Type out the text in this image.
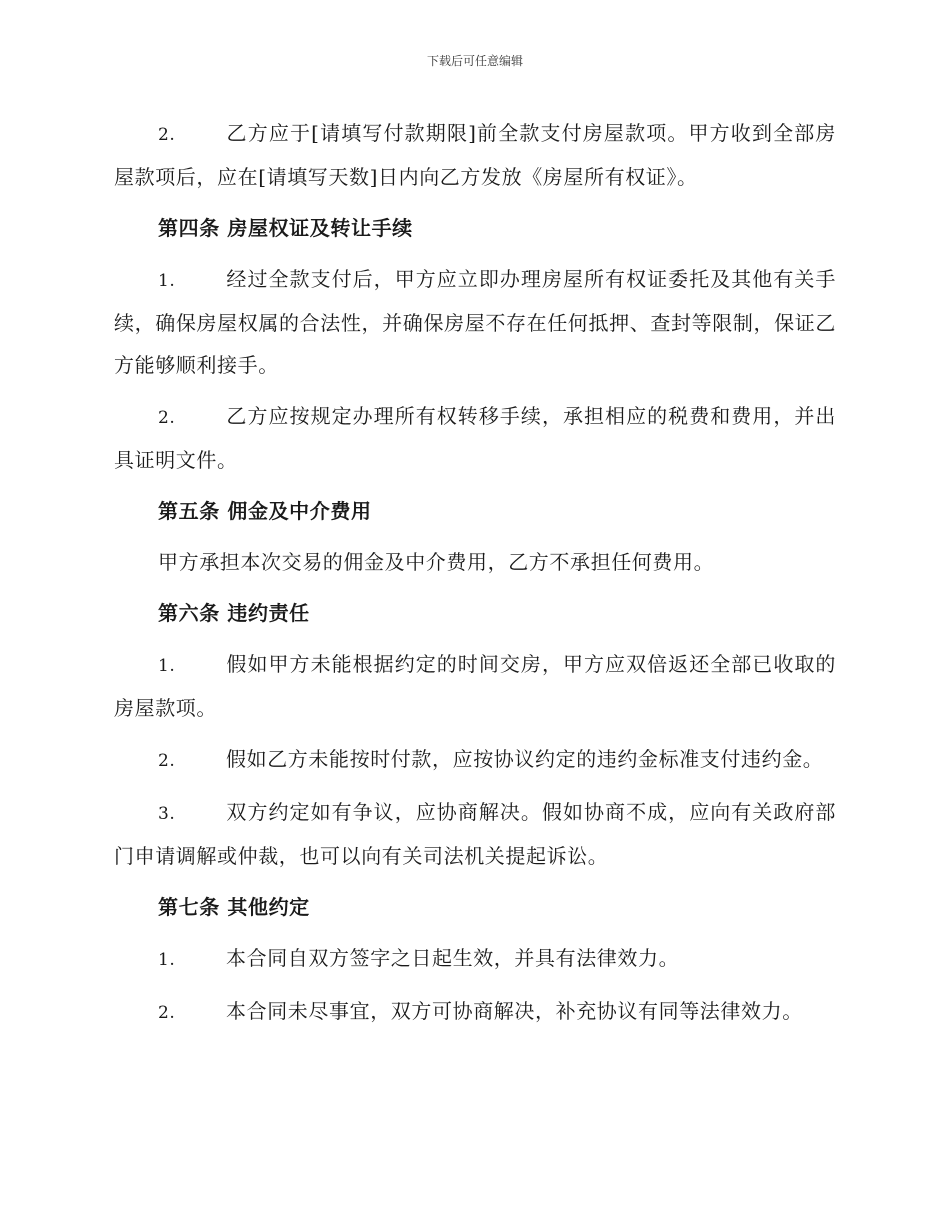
下载后可任意编辑

2.	乙方应于[请填写付款期限]前全款支付房屋款项。甲方收到全部房屋款项后，应在[请填写天数]日内向乙方发放《房屋所有权证》。

第四条 房屋权证及转让手续

1.	经过全款支付后，甲方应立即办理房屋所有权证委托及其他有关手续，确保房屋权属的合法性，并确保房屋不存在任何抵押、查封等限制，保证乙方能够顺利接手。

2.	乙方应按规定办理所有权转移手续，承担相应的税费和费用，并出具证明文件。

第五条 佣金及中介费用

甲方承担本次交易的佣金及中介费用，乙方不承担任何费用。

第六条 违约责任

1.	假如甲方未能根据约定的时间交房，甲方应双倍返还全部已收取的房屋款项。

2.	假如乙方未能按时付款，应按协议约定的违约金标准支付违约金。

3.	双方约定如有争议，应协商解决。假如协商不成，应向有关政府部门申请调解或仲裁，也可以向有关司法机关提起诉讼。

第七条 其他约定

1.	本合同自双方签字之日起生效，并具有法律效力。

2.	本合同未尽事宜，双方可协商解决，补充协议有同等法律效力。
